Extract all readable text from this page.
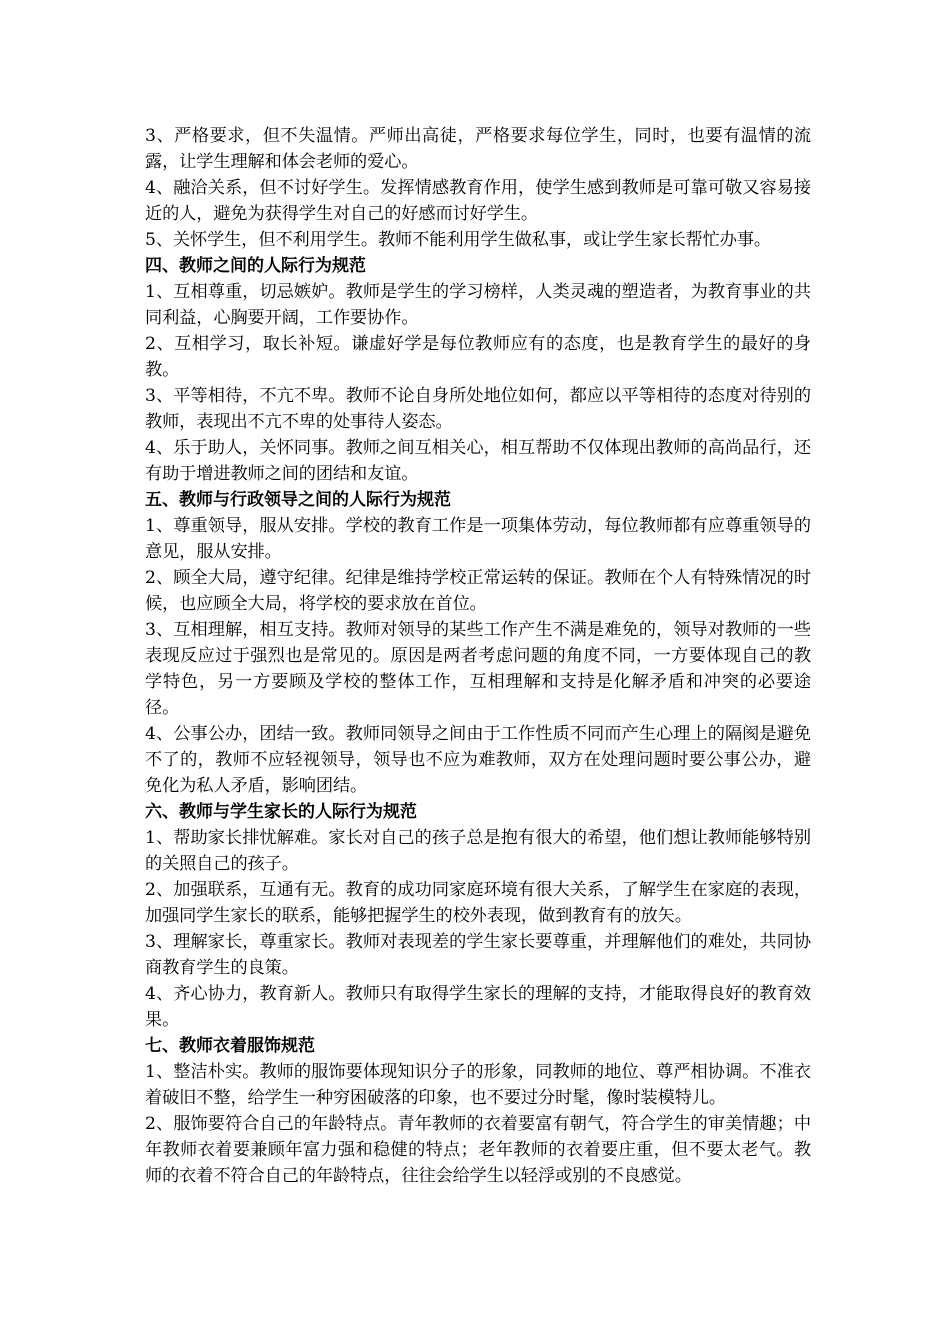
3、严格要求，但不失温情。严师出高徒，严格要求每位学生，同时，也要有温情的流露，让学生理解和体会老师的爱心。

4、融洽关系，但不讨好学生。发挥情感教育作用，使学生感到教师是可靠可敬又容易接近的人，避免为获得学生对自己的好感而讨好学生。

5、关怀学生，但不利用学生。教师不能利用学生做私事，或让学生家长帮忙办事。

四、教师之间的人际行为规范

1、互相尊重，切忌嫉妒。教师是学生的学习榜样，人类灵魂的塑造者，为教育事业的共同利益，心胸要开阔，工作要协作。

2、互相学习，取长补短。谦虚好学是每位教师应有的态度，也是教育学生的最好的身教。

3、平等相待，不亢不卑。教师不论自身所处地位如何，都应以平等相待的态度对待别的教师，表现出不亢不卑的处事待人姿态。

4、乐于助人，关怀同事。教师之间互相关心，相互帮助不仅体现出教师的高尚品行，还有助于增进教师之间的团结和友谊。

五、教师与行政领导之间的人际行为规范

1、尊重领导，服从安排。学校的教育工作是一项集体劳动，每位教师都有应尊重领导的意见，服从安排。

2、顾全大局，遵守纪律。纪律是维持学校正常运转的保证。教师在个人有特殊情况的时候，也应顾全大局，将学校的要求放在首位。

3、互相理解，相互支持。教师对领导的某些工作产生不满是难免的，领导对教师的一些表现反应过于强烈也是常见的。原因是两者考虑问题的角度不同，一方要体现自己的教学特色，另一方要顾及学校的整体工作，互相理解和支持是化解矛盾和冲突的必要途径。

4、公事公办，团结一致。教师同领导之间由于工作性质不同而产生心理上的隔阂是避免不了的，教师不应轻视领导，领导也不应为难教师，双方在处理问题时要公事公办，避免化为私人矛盾，影响团结。

六、教师与学生家长的人际行为规范

1、帮助家长排忧解难。家长对自己的孩子总是抱有很大的希望，他们想让教师能够特别的关照自己的孩子。

2、加强联系，互通有无。教育的成功同家庭环境有很大关系，了解学生在家庭的表现，加强同学生家长的联系，能够把握学生的校外表现，做到教育有的放矢。

3、理解家长，尊重家长。教师对表现差的学生家长要尊重，并理解他们的难处，共同协商教育学生的良策。

4、齐心协力，教育新人。教师只有取得学生家长的理解的支持，才能取得良好的教育效果。

七、教师衣着服饰规范

1、整洁朴实。教师的服饰要体现知识分子的形象，同教师的地位、尊严相协调。不准衣着破旧不整，给学生一种穷困破落的印象，也不要过分时髦，像时装模特儿。

2、服饰要符合自己的年龄特点。青年教师的衣着要富有朝气，符合学生的审美情趣；中年教师衣着要兼顾年富力强和稳健的特点；老年教师的衣着要庄重，但不要太老气。教师的衣着不符合自己的年龄特点，往往会给学生以轻浮或别的不良感觉。
